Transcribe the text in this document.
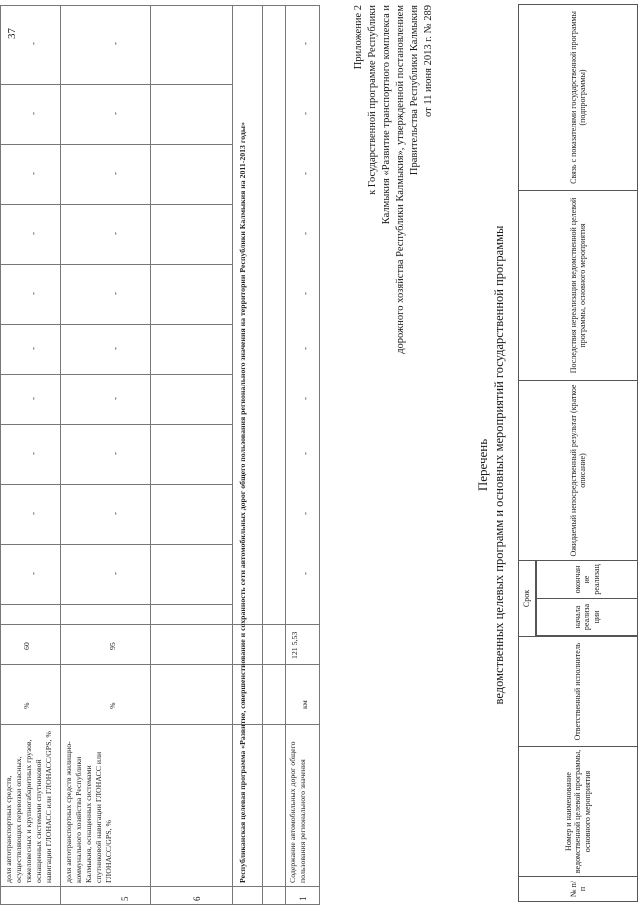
37	Приложение 2 к Государственной программе Республики Калмыкия «Развитие транспортного комплекса и дорожного хозяйства Республики Калмыкия», утвержденной постановлением Правительства Республики Калмыкия от 11 июня 2013 г. № 289
Перечень ведомственных целевых программ и основных мероприятий государственной программы
№ п/п
Номер и наименование ведомственной целевой программы, основного мероприятия
Ответственный исполнитель
Срок
начала реализа ции
окончан ие реализац
Ожидаемый непосредственный результат (краткое описание)
Последствия нереализации ведомственной целевой программы, основного мероприятия
Связь с показателями государственной программы (подпрограммы)
5
доля автотранспортных средств, осуществляющих перевозки опасных, тяжеловесных и крупногабаритных грузов, оснащенных системами спутниковой навигации ГЛОНАСС или ГЛОНАСС/GPS, %
%
60
6
доля автотранспортных средств жилищно-коммунального хозяйства Республики Калмыкия, оснащенных системами спутниковой навигации ГЛОНАСС или ГЛОНАСС/GPS, %
%
95	Республиканская целевая программа «Развитие, совершенствование и сохранность сети автомобильных дорог общего пользования регионального значения на территории Республики Калмыкия на 2011-2013 годы»
1
Содержание автомобильных дорог общего пользования регионального значения
км
121 5,53
-
-
-
-
-
-
-
-
-
-
-
-
-
-
-
-
-
-
-
-
-
-
-
-
-
-
-
-
-
-
